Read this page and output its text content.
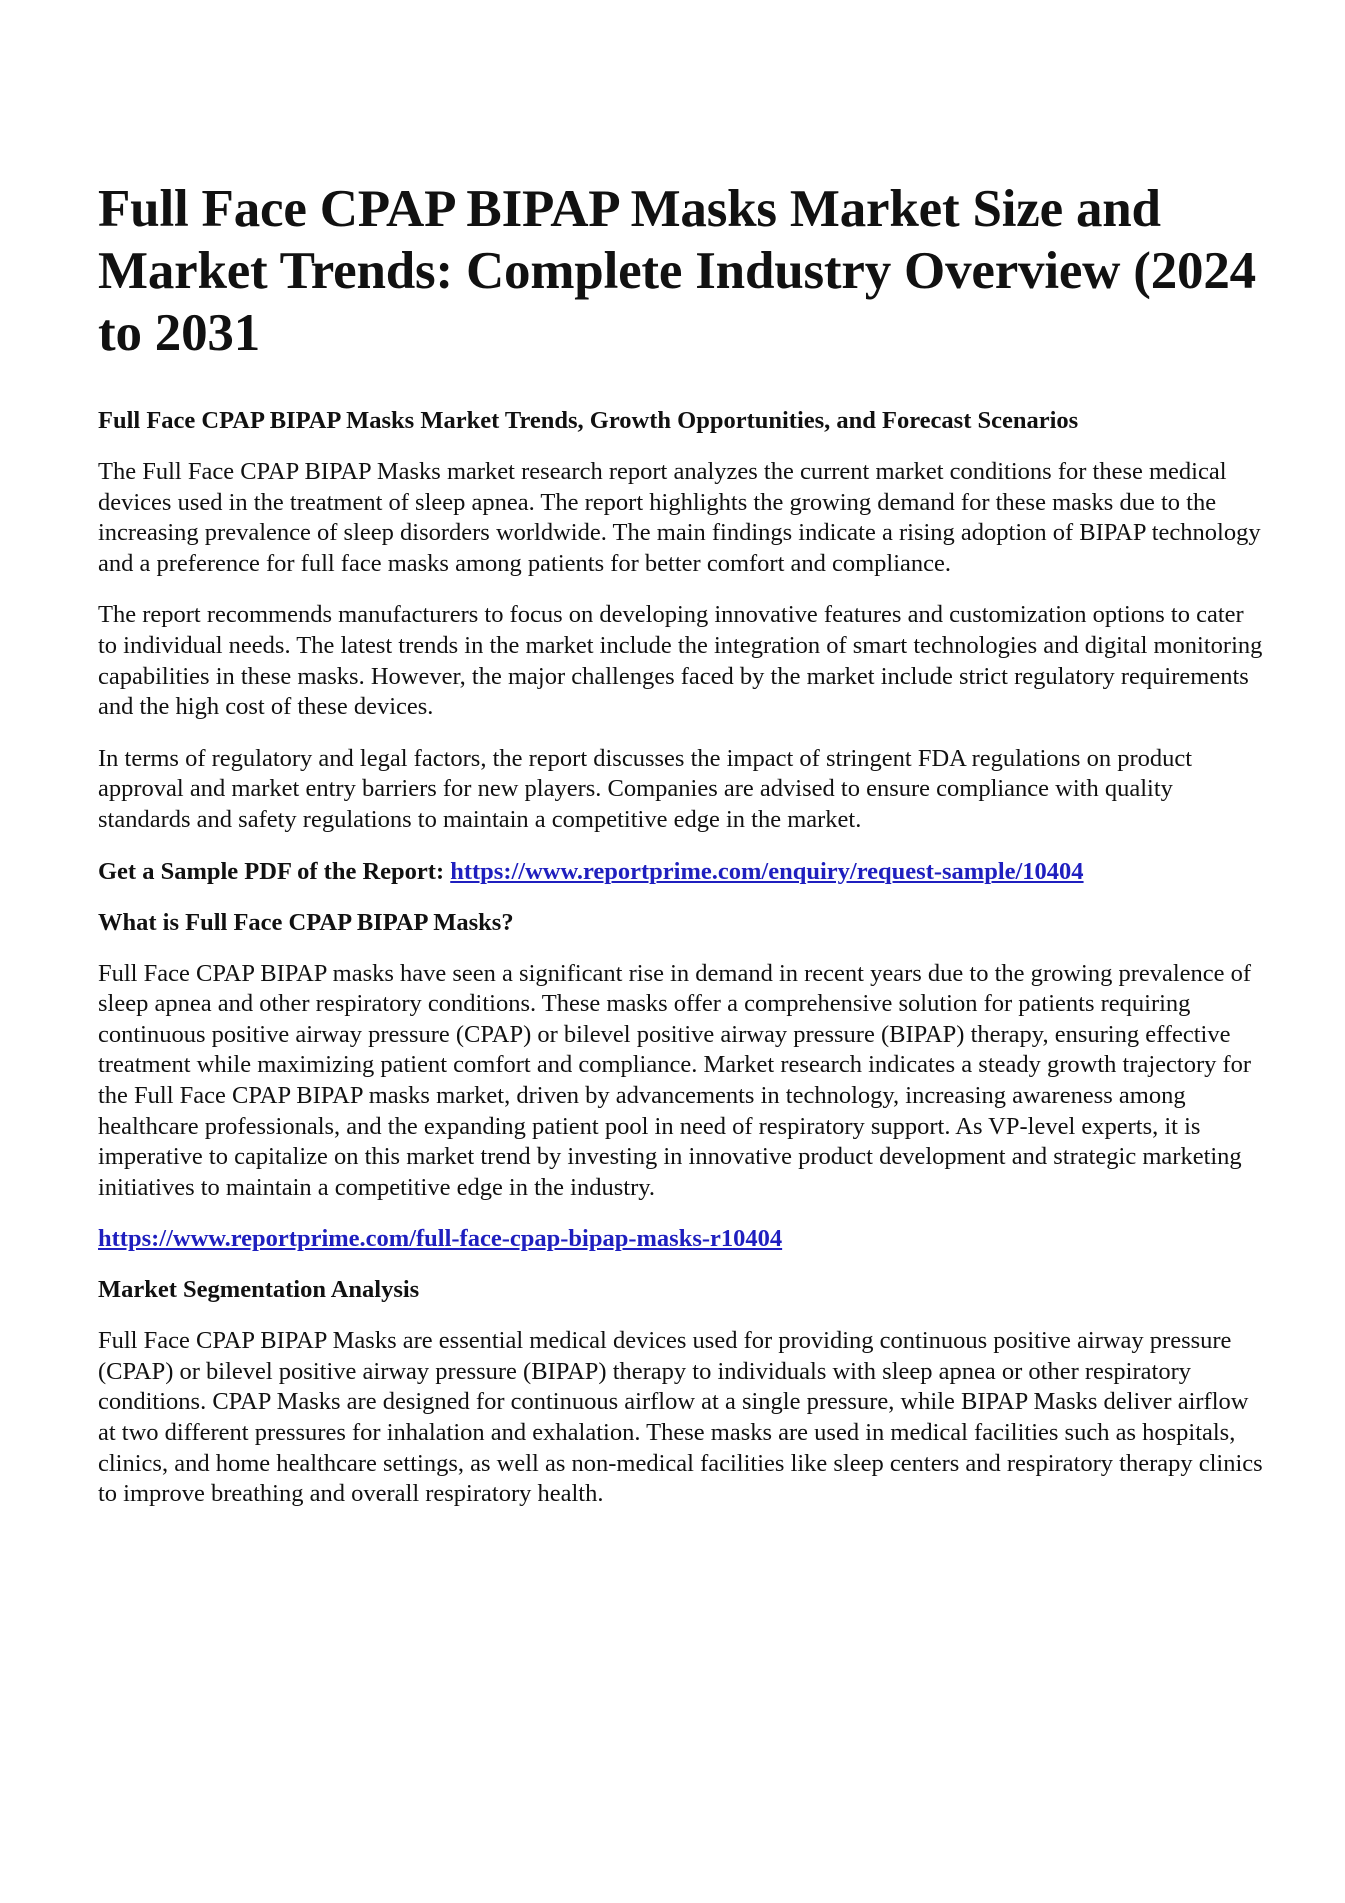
Full Face CPAP BIPAP Masks Market Size and Market Trends: Complete Industry Overview (2024 to 2031
Full Face CPAP BIPAP Masks Market Trends, Growth Opportunities, and Forecast Scenarios

The Full Face CPAP BIPAP Masks market research report analyzes the current market conditions for these medical devices used in the treatment of sleep apnea. The report highlights the growing demand for these masks due to the increasing prevalence of sleep disorders worldwide. The main findings indicate a rising adoption of BIPAP technology and a preference for full face masks among patients for better comfort and compliance.

The report recommends manufacturers to focus on developing innovative features and customization options to cater to individual needs. The latest trends in the market include the integration of smart technologies and digital monitoring capabilities in these masks. However, the major challenges faced by the market include strict regulatory requirements and the high cost of these devices.

In terms of regulatory and legal factors, the report discusses the impact of stringent FDA regulations on product approval and market entry barriers for new players. Companies are advised to ensure compliance with quality standards and safety regulations to maintain a competitive edge in the market.

Get a Sample PDF of the Report: https://www.reportprime.com/enquiry/request-sample/10404
What is Full Face CPAP BIPAP Masks?

Full Face CPAP BIPAP masks have seen a significant rise in demand in recent years due to the growing prevalence of sleep apnea and other respiratory conditions. These masks offer a comprehensive solution for patients requiring continuous positive airway pressure (CPAP) or bilevel positive airway pressure (BIPAP) therapy, ensuring effective treatment while maximizing patient comfort and compliance. Market research indicates a steady growth trajectory for the Full Face CPAP BIPAP masks market, driven by advancements in technology, increasing awareness among healthcare professionals, and the expanding patient pool in need of respiratory support. As VP-level experts, it is imperative to capitalize on this market trend by investing in innovative product development and strategic marketing initiatives to maintain a competitive edge in the industry.

https://www.reportprime.com/full-face-cpap-bipap-masks-r10404
Market Segmentation Analysis

Full Face CPAP BIPAP Masks are essential medical devices used for providing continuous positive airway pressure (CPAP) or bilevel positive airway pressure (BIPAP) therapy to individuals with sleep apnea or other respiratory conditions. CPAP Masks are designed for continuous airflow at a single pressure, while BIPAP Masks deliver airflow at two different pressures for inhalation and exhalation. These masks are used in medical facilities such as hospitals, clinics, and home healthcare settings, as well as non-medical facilities like sleep centers and respiratory therapy clinics to improve breathing and overall respiratory health.
